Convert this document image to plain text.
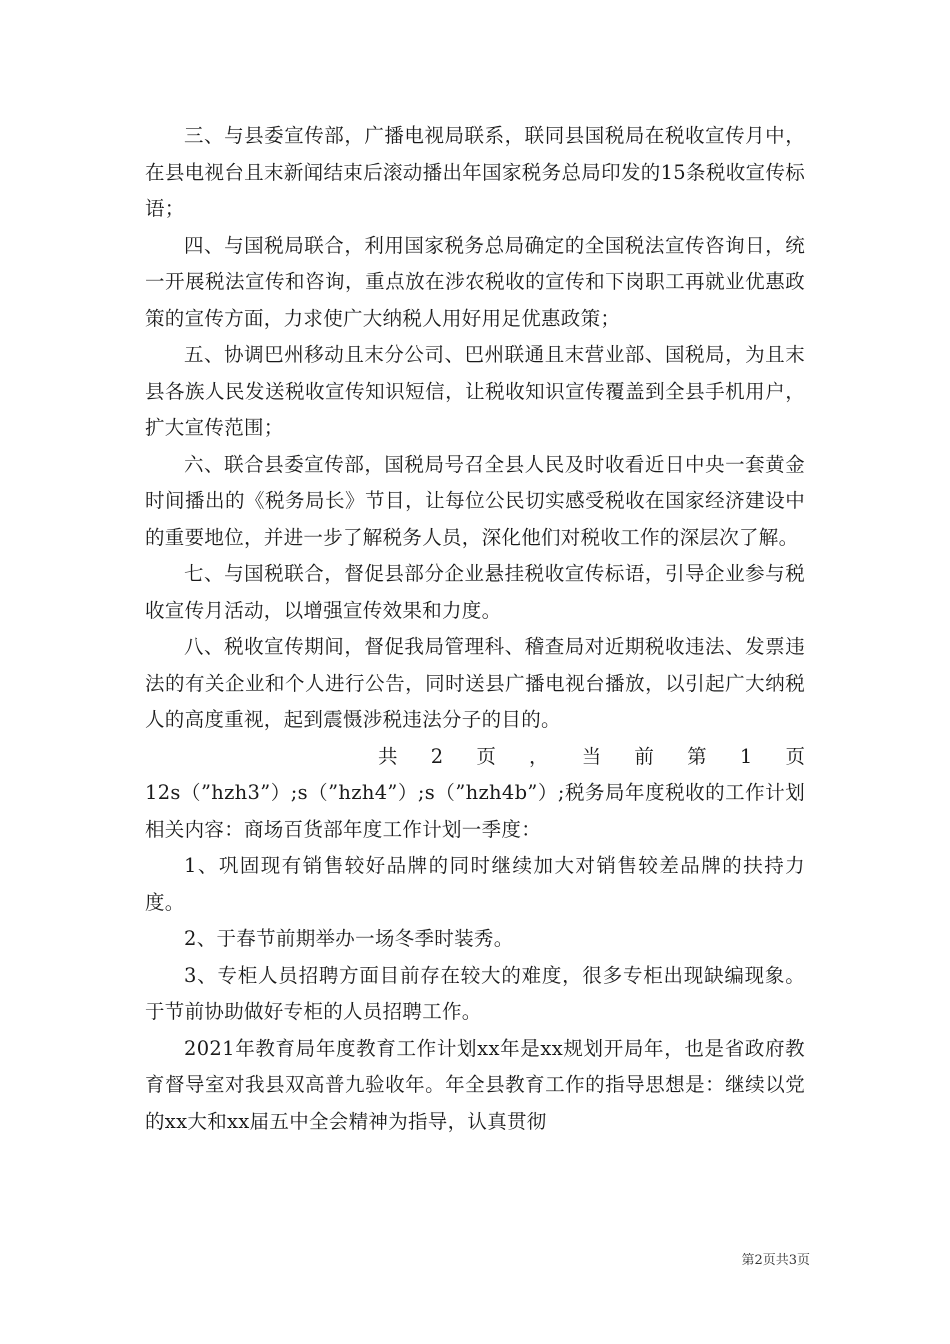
三、与县委宣传部，广播电视局联系，联同县国税局在税收宣传月中，在县电视台且末新闻结束后滚动播出年国家税务总局印发的15条税收宣传标语；

四、与国税局联合，利用国家税务总局确定的全国税法宣传咨询日，统一开展税法宣传和咨询，重点放在涉农税收的宣传和下岗职工再就业优惠政策的宣传方面，力求使广大纳税人用好用足优惠政策；

五、协调巴州移动且末分公司、巴州联通且末营业部、国税局，为且末县各族人民发送税收宣传知识短信，让税收知识宣传覆盖到全县手机用户，扩大宣传范围；

六、联合县委宣传部，国税局号召全县人民及时收看近日中央一套黄金时间播出的《税务局长》节目，让每位公民切实感受税收在国家经济建设中的重要地位，并进一步了解税务人员，深化他们对税收工作的深层次了解。

七、与国税联合，督促县部分企业悬挂税收宣传标语，引导企业参与税收宣传月活动，以增强宣传效果和力度。

八、税收宣传期间，督促我局管理科、稽查局对近期税收违法、发票违法的有关企业和个人进行公告，同时送县广播电视台播放，以引起广大纳税人的高度重视，起到震慑涉税违法分子的目的。

共 2 页 ， 当 前 第 1 页

12s（”hzh3”）;s（”hzh4”）;s（”hzh4b”）;税务局年度税收的工作计划相关内容：商场百货部年度工作计划一季度：

1、巩固现有销售较好品牌的同时继续加大对销售较差品牌的扶持力度。

2、于春节前期举办一场冬季时装秀。

3、专柜人员招聘方面目前存在较大的难度，很多专柜出现缺编现象。于节前协助做好专柜的人员招聘工作。

2021年教育局年度教育工作计划xx年是xx规划开局年，也是省政府教育督导室对我县双高普九验收年。年全县教育工作的指导思想是：继续以党的xx大和xx届五中全会精神为指导，认真贯彻

第2页共3页
